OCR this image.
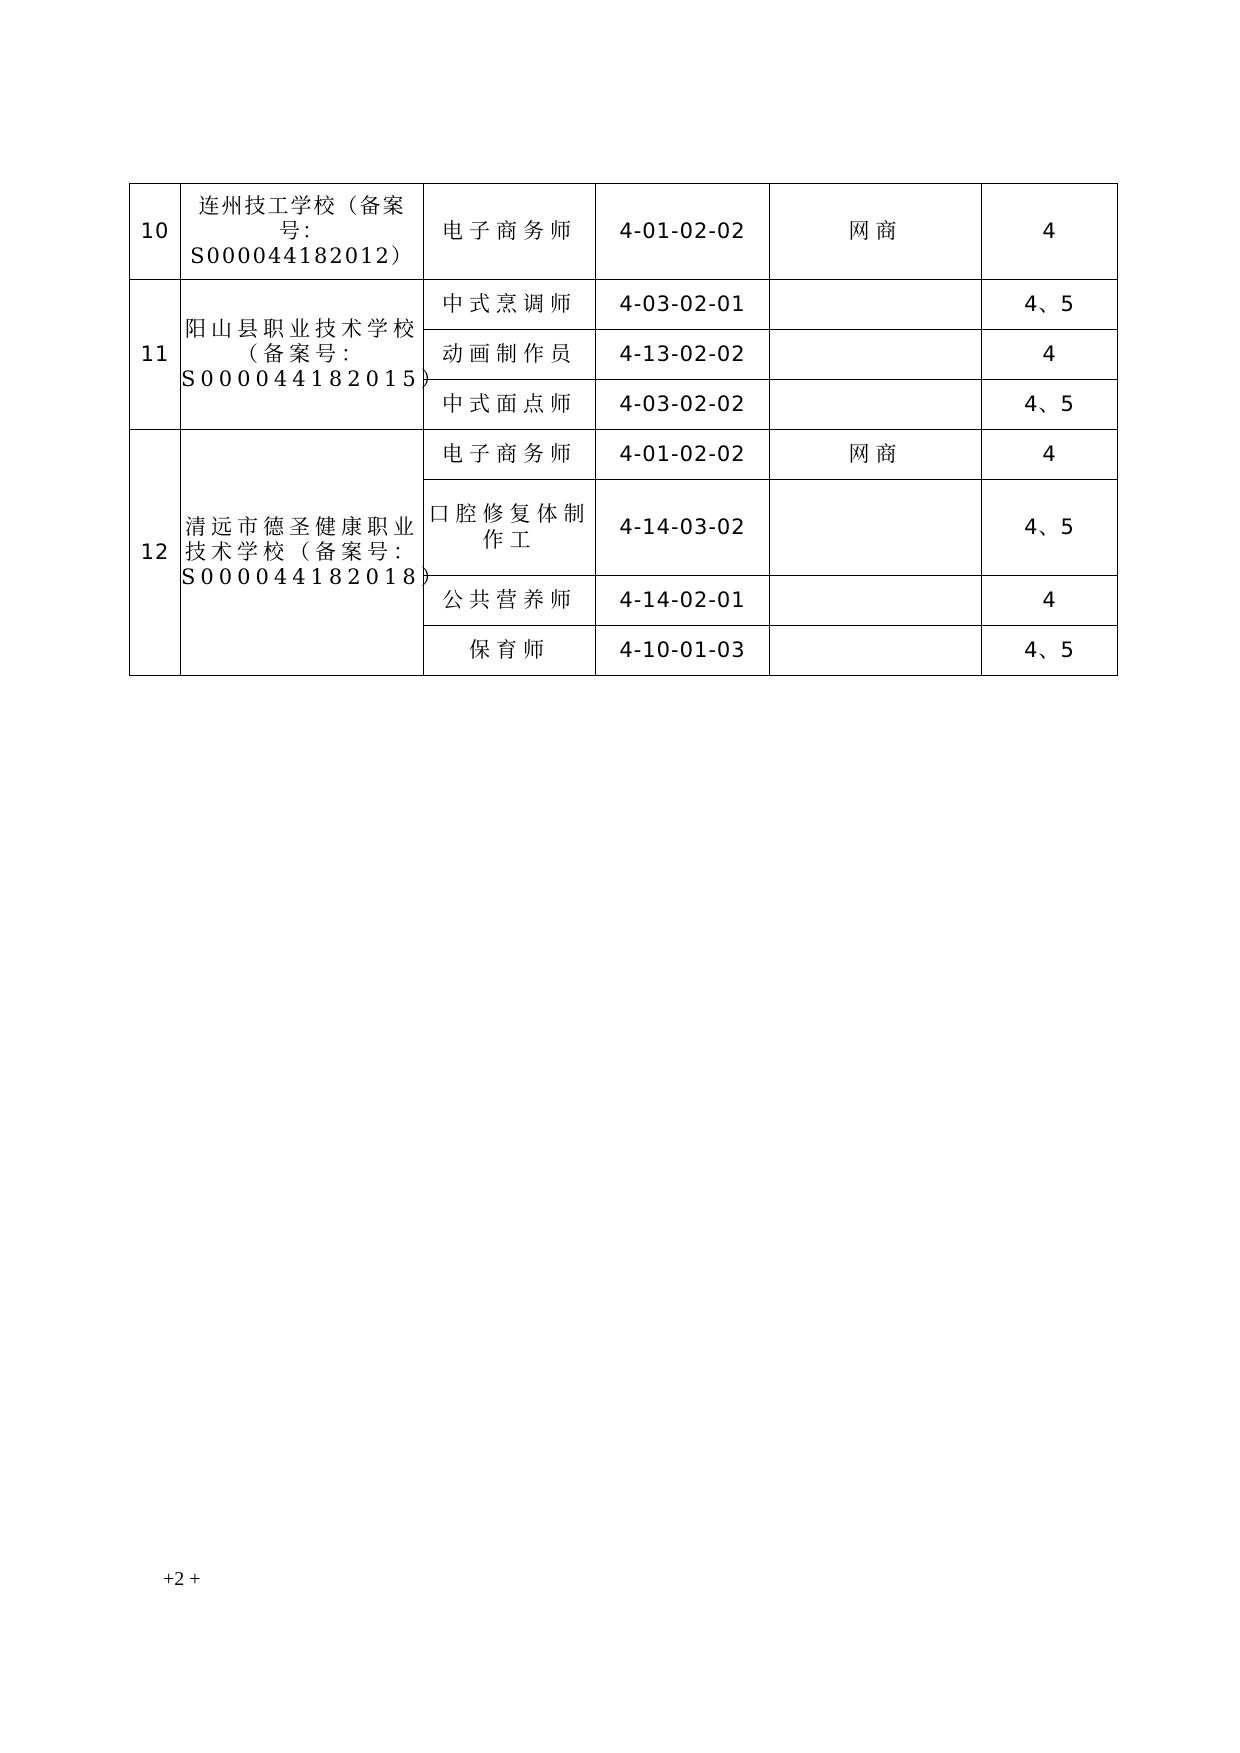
10	连州技工学校（备案号：S000044182012）	电子商务师	4-01-02-02	网商	4
11	阳山县职业技术学校（备案号：S000044182015）	中式烹调师	4-03-02-01		4、5
		动画制作员	4-13-02-02		4
		中式面点师	4-03-02-02		4、5
12	清远市德圣健康职业技术学校（备案号：S000044182018）	电子商务师	4-01-02-02	网商	4
		口腔修复体制作工	4-14-03-02		4、5
		公共营养师	4-14-02-01		4
		保育师	4-10-01-03		4、5
+2 +
